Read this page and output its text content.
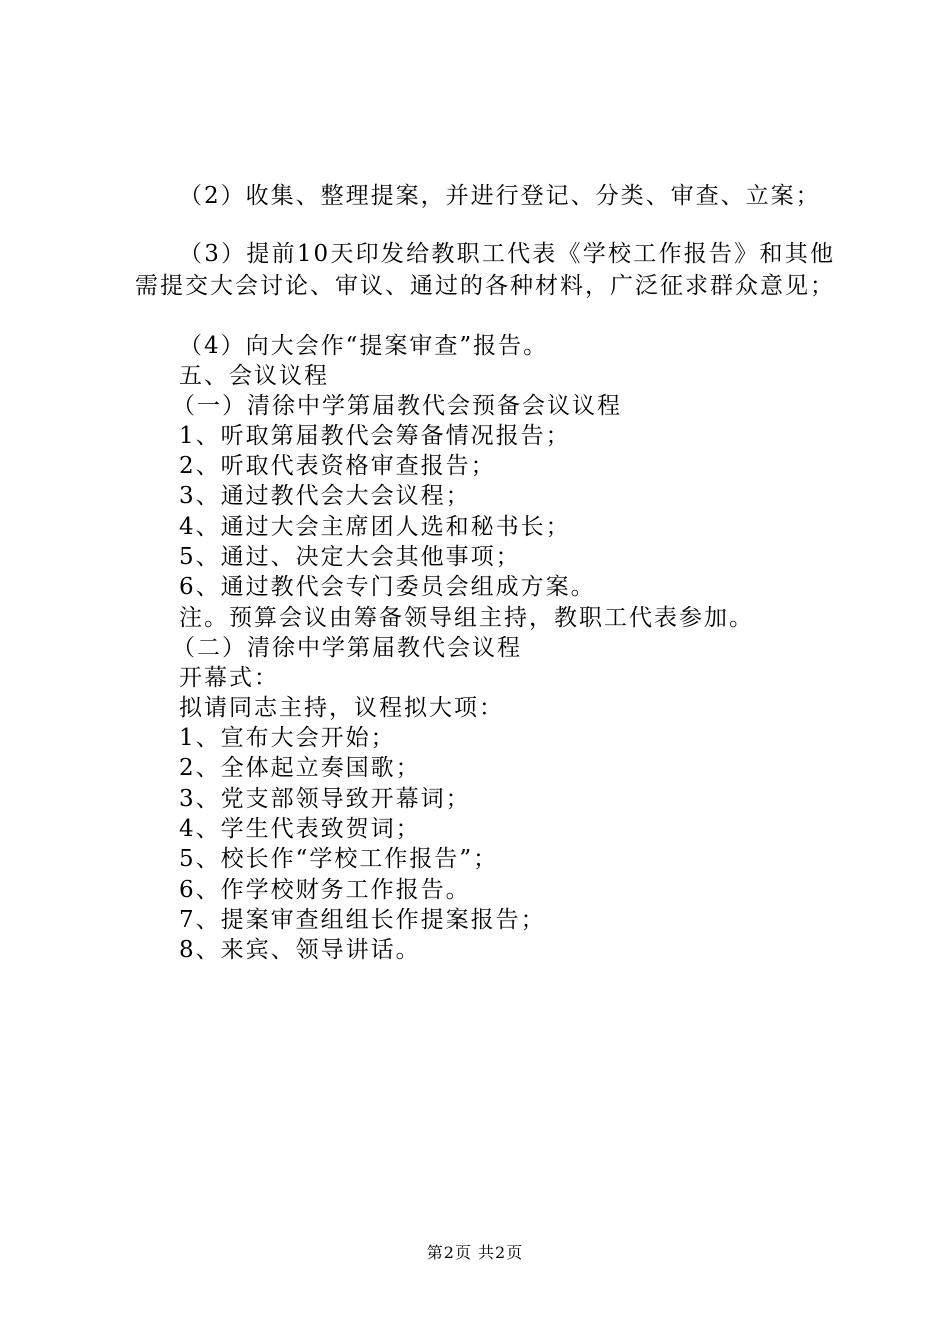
（2）收集、整理提案，并进行登记、分类、审查、立案；
（3）提前10天印发给教职工代表《学校工作报告》和其他需提交大会讨论、审议、通过的各种材料，广泛征求群众意见；
（4）向大会作“提案审查”报告。
五、会议议程
（一）清徐中学第届教代会预备会议议程
1、听取第届教代会筹备情况报告；
2、听取代表资格审查报告；
3、通过教代会大会议程；
4、通过大会主席团人选和秘书长；
5、通过、决定大会其他事项；
6、通过教代会专门委员会组成方案。
注。预算会议由筹备领导组主持，教职工代表参加。
（二）清徐中学第届教代会议程
开幕式：
拟请同志主持，议程拟大项：
1、宣布大会开始；
2、全体起立奏国歌；
3、党支部领导致开幕词；
4、学生代表致贺词；
5、校长作“学校工作报告”；
6、作学校财务工作报告。
7、提案审查组组长作提案报告；
8、来宾、领导讲话。
第2页 共2页
